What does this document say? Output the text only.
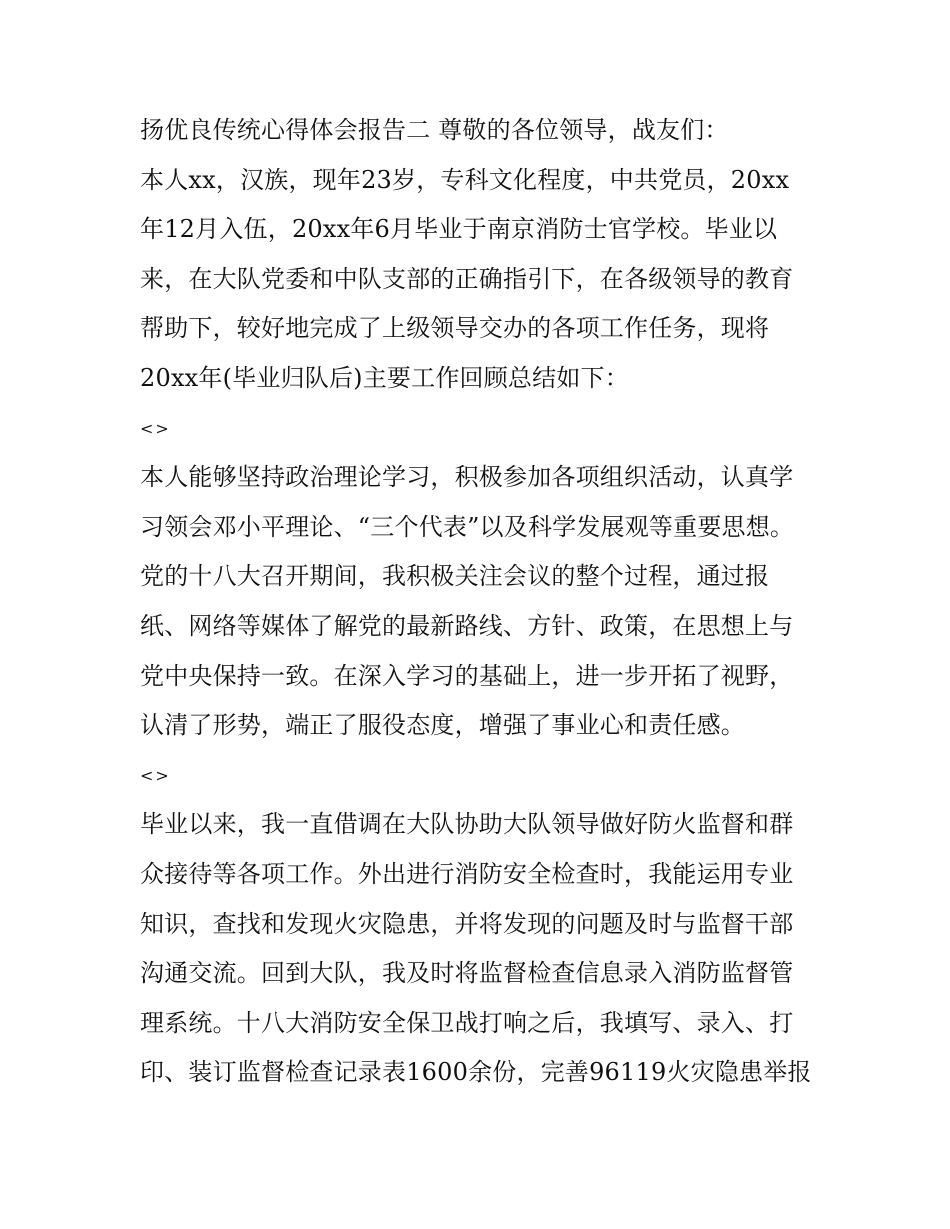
扬优良传统心得体会报告二 尊敬的各位领导，战友们：
本人xx，汉族，现年23岁，专科文化程度，中共党员，20xx
年12月入伍，20xx年6月毕业于南京消防士官学校。毕业以
来，在大队党委和中队支部的正确指引下，在各级领导的教育
帮助下，较好地完成了上级领导交办的各项工作任务，现将
20xx年(毕业归队后)主要工作回顾总结如下：
<>
本人能够坚持政治理论学习，积极参加各项组织活动，认真学
习领会邓小平理论、“三个代表”以及科学发展观等重要思想。
党的十八大召开期间，我积极关注会议的整个过程，通过报
纸、网络等媒体了解党的最新路线、方针、政策，在思想上与
党中央保持一致。在深入学习的基础上，进一步开拓了视野，
认清了形势，端正了服役态度，增强了事业心和责任感。
<>
毕业以来，我一直借调在大队协助大队领导做好防火监督和群
众接待等各项工作。外出进行消防安全检查时，我能运用专业
知识，查找和发现火灾隐患，并将发现的问题及时与监督干部
沟通交流。回到大队，我及时将监督检查信息录入消防监督管
理系统。十八大消防安全保卫战打响之后，我填写、录入、打
印、装订监督检查记录表1600余份，完善96119火灾隐患举报
